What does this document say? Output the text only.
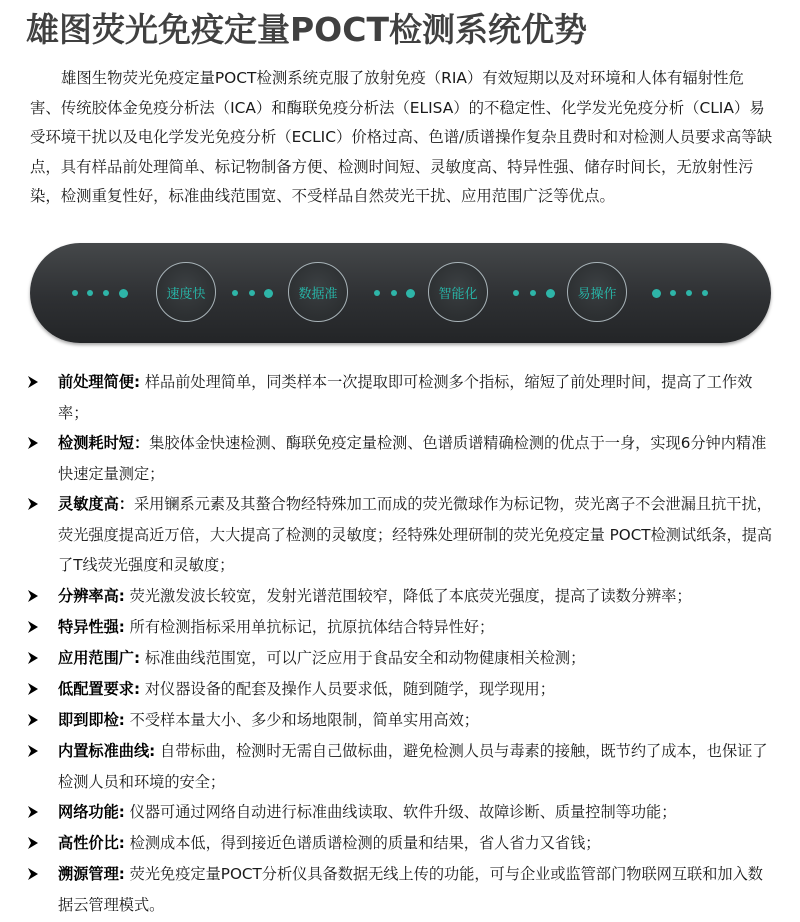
雄图荧光免疫定量POCT检测系统优势

雄图生物荧光免疫定量POCT检测系统克服了放射免疫（RIA）有效短期以及对环境和人体有辐射性危害、传统胶体金免疫分析法（ICA）和酶联免疫分析法（ELISA）的不稳定性、化学发光免疫分析（CLIA）易受环境干扰以及电化学发光免疫分析（ECLIC）价格过高、色谱/质谱操作复杂且费时和对检测人员要求高等缺点，具有样品前处理简单、标记物制备方便、检测时间短、灵敏度高、特异性强、储存时间长，无放射性污染，检测重复性好，标准曲线范围宽、不受样品自然荧光干扰、应用范围广泛等优点。

速度快	数据准	智能化	易操作
前处理简便: 样品前处理简单，同类样本一次提取即可检测多个指标，缩短了前处理时间，提高了工作效率；
检测耗时短：集胶体金快速检测、酶联免疫定量检测、色谱质谱精确检测的优点于一身，实现6分钟内精准快速定量测定；
灵敏度高：采用镧系元素及其螯合物经特殊加工而成的荧光微球作为标记物，荧光离子不会泄漏且抗干扰，荧光强度提高近万倍，大大提高了检测的灵敏度；经特殊处理研制的荧光免疫定量 POCT检测试纸条，提高了T线荧光强度和灵敏度；
分辨率高: 荧光激发波长较宽，发射光谱范围较窄，降低了本底荧光强度，提高了读数分辨率；
特异性强: 所有检测指标采用单抗标记，抗原抗体结合特异性好；
应用范围广: 标准曲线范围宽，可以广泛应用于食品安全和动物健康相关检测；
低配置要求: 对仪器设备的配套及操作人员要求低，随到随学，现学现用；
即到即检: 不受样本量大小、多少和场地限制，简单实用高效；
内置标准曲线: 自带标曲，检测时无需自己做标曲，避免检测人员与毒素的接触，既节约了成本，也保证了检测人员和环境的安全；
网络功能: 仪器可通过网络自动进行标准曲线读取、软件升级、故障诊断、质量控制等功能；
高性价比: 检测成本低，得到接近色谱质谱检测的质量和结果，省人省力又省钱；
溯源管理: 荧光免疫定量POCT分析仪具备数据无线上传的功能，可与企业或监管部门物联网互联和加入数据云管理模式。
